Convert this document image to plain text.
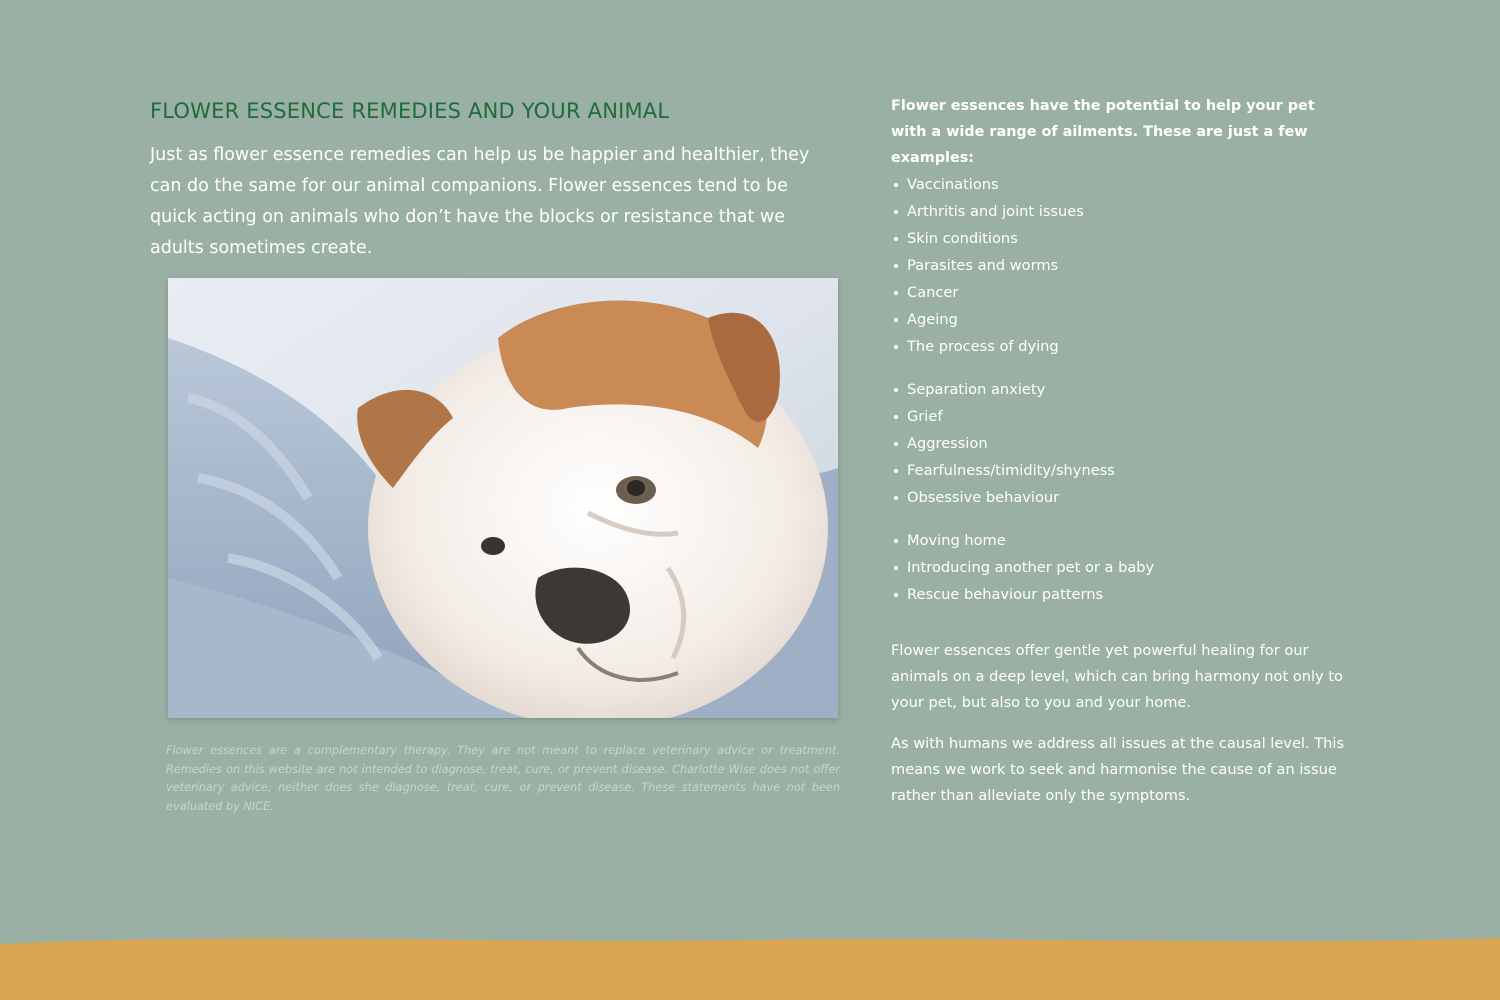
FLOWER ESSENCE REMEDIES AND YOUR ANIMAL

Just as flower essence remedies can help us be happier and healthier, they can do the same for our animal companions. Flower essences tend to be quick acting on animals who don’t have the blocks or resistance that we adults sometimes create.

Flower essences are a complementary therapy. They are not meant to replace veterinary advice or treatment. Remedies on this website are not intended to diagnose, treat, cure, or prevent disease. Charlotte Wise does not offer veterinary advice; neither does she diagnose, treat, cure, or prevent disease. These statements have not been evaluated by NICE.

Flower essences have the potential to help your pet with a wide range of ailments. These are just a few examples:

Vaccinations
Arthritis and joint issues
Skin conditions
Parasites and worms
Cancer
Ageing
The process of dying
Separation anxiety
Grief
Aggression
Fearfulness/timidity/shyness
Obsessive behaviour
Moving home
Introducing another pet or a baby
Rescue behaviour patterns

Flower essences offer gentle yet powerful healing for our animals on a deep level, which can bring harmony not only to your pet, but also to you and your home.

As with humans we address all issues at the causal level. This means we work to seek and harmonise the cause of an issue rather than alleviate only the symptoms.
